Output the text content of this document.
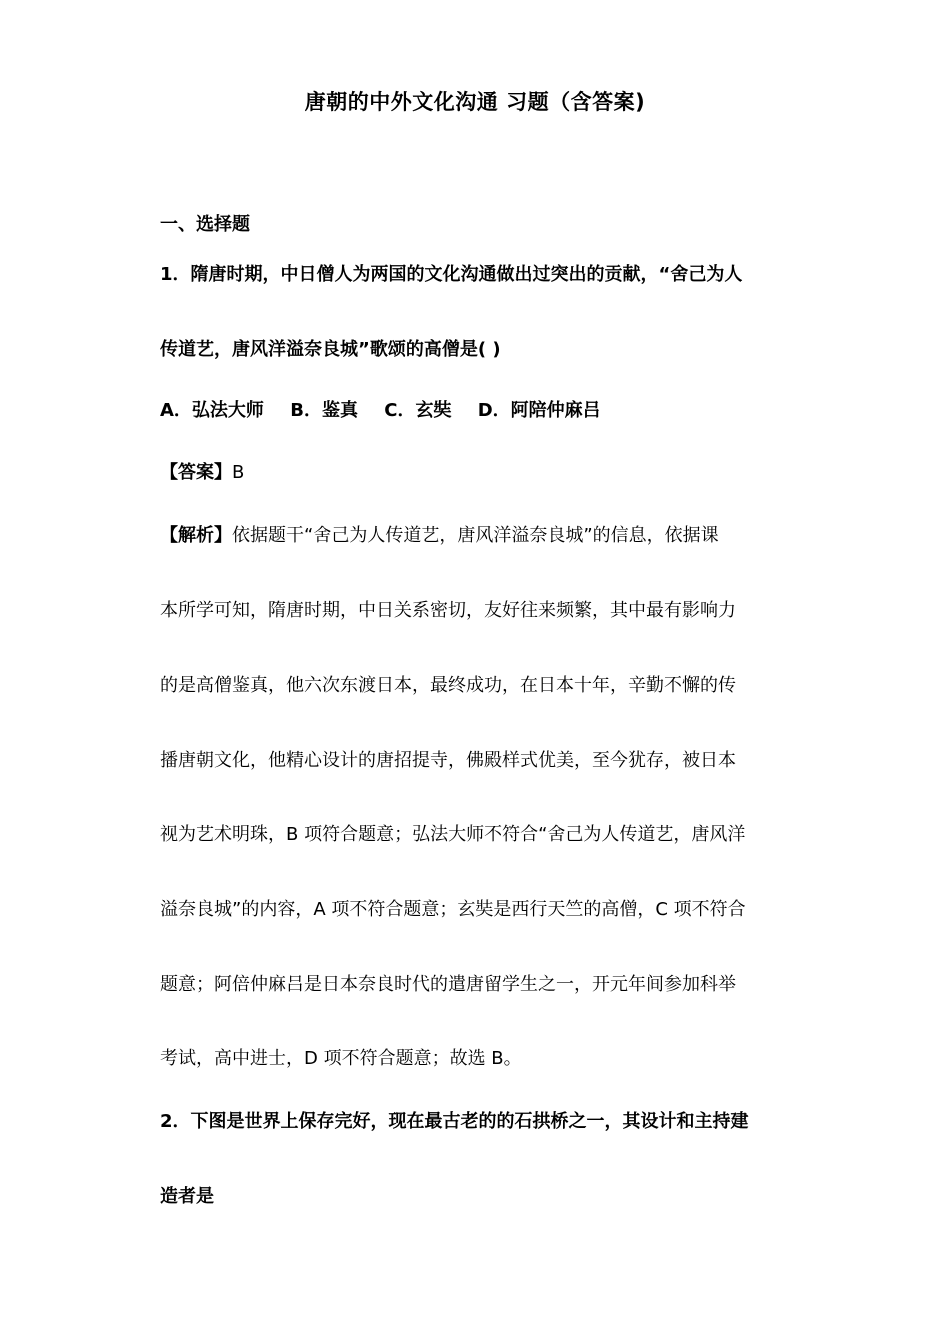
唐朝的中外文化沟通 习题（含答案)
一、选择题
1．隋唐时期，中日僧人为两国的文化沟通做出过突出的贡献，“舍己为人
传道艺，唐风洋溢奈良城”歌颂的高僧是( )
A．弘法大师 B．鉴真 C．玄奘 D．阿陪仲麻吕
【答案】B
【解析】依据题干“舍己为人传道艺，唐风洋溢奈良城”的信息，依据课
本所学可知，隋唐时期，中日关系密切，友好往来频繁，其中最有影响力
的是高僧鉴真，他六次东渡日本，最终成功，在日本十年，辛勤不懈的传
播唐朝文化，他精心设计的唐招提寺，佛殿样式优美，至今犹存，被日本
视为艺术明珠，B 项符合题意；弘法大师不符合“舍己为人传道艺，唐风洋
溢奈良城”的内容，A 项不符合题意；玄奘是西行天竺的高僧，C 项不符合
题意；阿倍仲麻吕是日本奈良时代的遣唐留学生之一，开元年间参加科举
考试，高中进士，D 项不符合题意；故选 B。
2．下图是世界上保存完好，现在最古老的的石拱桥之一，其设计和主持建
造者是
